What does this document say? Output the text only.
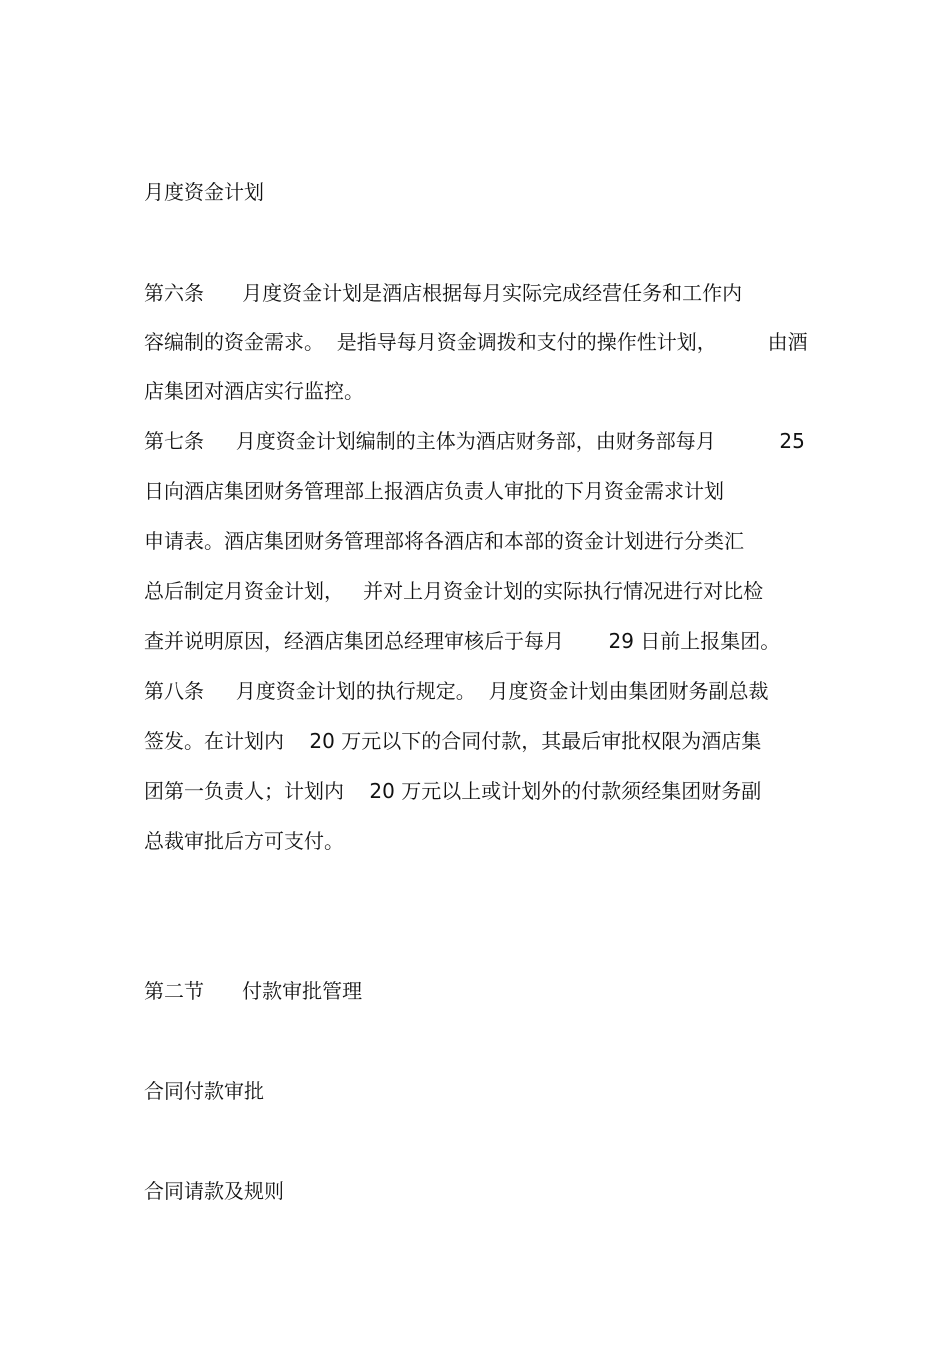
月度资金计划
第六条      月度资金计划是酒店根据每月实际完成经营任务和工作内
容编制的资金需求。  是指导每月资金调拨和支付的操作性计划，        由酒
店集团对酒店实行监控。
第七条     月度资金计划编制的主体为酒店财务部，由财务部每月          25
日向酒店集团财务管理部上报酒店负责人审批的下月资金需求计划
申请表。酒店集团财务管理部将各酒店和本部的资金计划进行分类汇
总后制定月资金计划，   并对上月资金计划的实际执行情况进行对比检
查并说明原因，经酒店集团总经理审核后于每月       29 日前上报集团。
第八条     月度资金计划的执行规定。  月度资金计划由集团财务副总裁
签发。在计划内    20 万元以下的合同付款，其最后审批权限为酒店集
团第一负责人；计划内    20 万元以上或计划外的付款须经集团财务副
总裁审批后方可支付。
第二节      付款审批管理
合同付款审批
合同请款及规则
